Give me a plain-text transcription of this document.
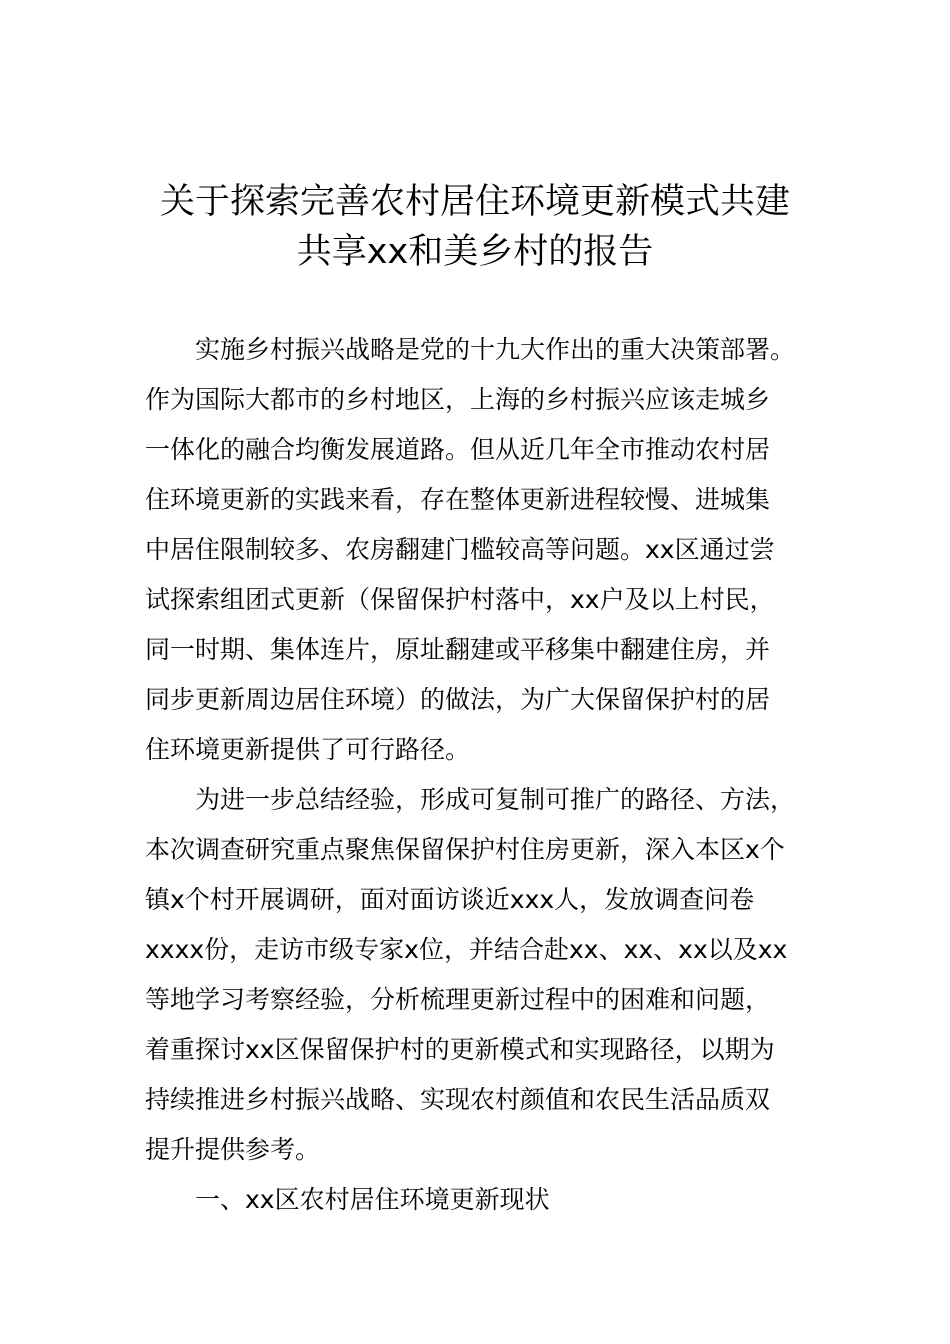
关于探索完善农村居住环境更新模式共建
共享xx和美乡村的报告
实施乡村振兴战略是党的十九大作出的重大决策部署。
作为国际大都市的乡村地区，上海的乡村振兴应该走城乡
一体化的融合均衡发展道路。但从近几年全市推动农村居
住环境更新的实践来看，存在整体更新进程较慢、进城集
中居住限制较多、农房翻建门槛较高等问题。xx区通过尝
试探索组团式更新（保留保护村落中，xx户及以上村民，
同一时期、集体连片，原址翻建或平移集中翻建住房，并
同步更新周边居住环境）的做法，为广大保留保护村的居
住环境更新提供了可行路径。
为进一步总结经验，形成可复制可推广的路径、方法，
本次调查研究重点聚焦保留保护村住房更新，深入本区x个
镇x个村开展调研，面对面访谈近xxx人，发放调查问卷
xxxx份，走访市级专家x位，并结合赴xx、xx、xx以及xx
等地学习考察经验，分析梳理更新过程中的困难和问题，
着重探讨xx区保留保护村的更新模式和实现路径，以期为
持续推进乡村振兴战略、实现农村颜值和农民生活品质双
提升提供参考。
一、xx区农村居住环境更新现状
